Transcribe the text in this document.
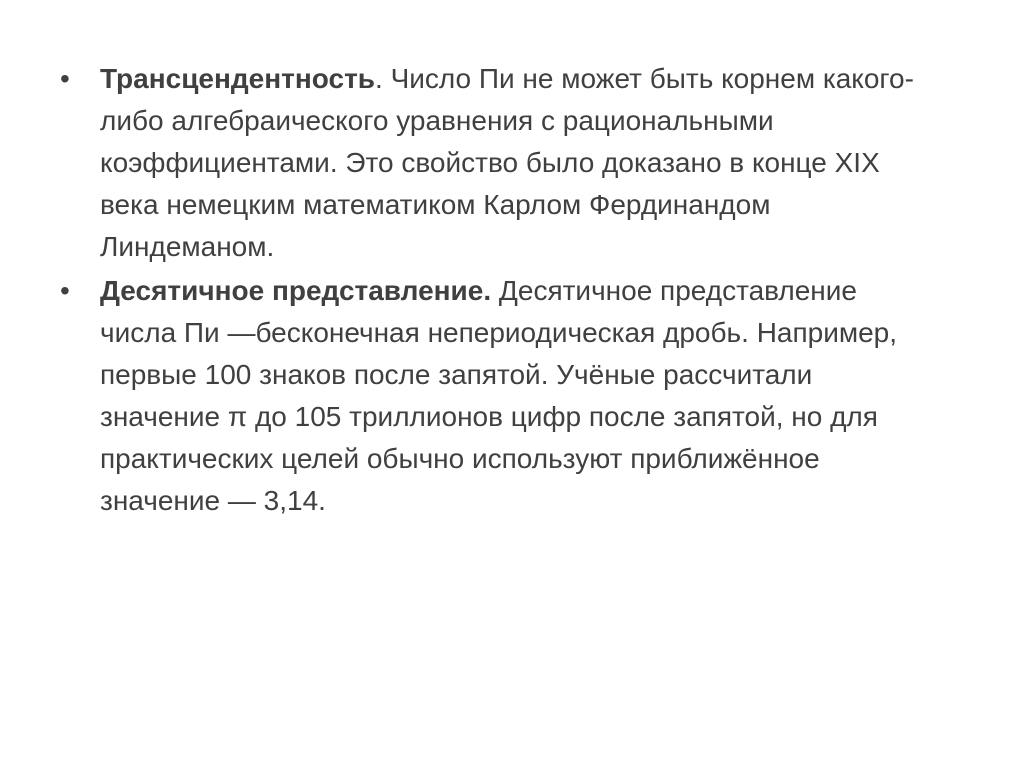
•	Трансцендентность. Число Пи не может быть корнем какого-либо алгебраического уравнения с рациональными коэффициентами. Это свойство было доказано в конце XIX века немецким математиком Карлом Фердинандом Линдеманом.
•	Десятичное представление. Десятичное представление числа Пи —бесконечная непериодическая дробь. Например, первые 100 знаков после запятой. Учёные рассчитали значение π до 105 триллионов цифр после запятой, но для практических целей обычно используют приближённое значение — 3,14.
